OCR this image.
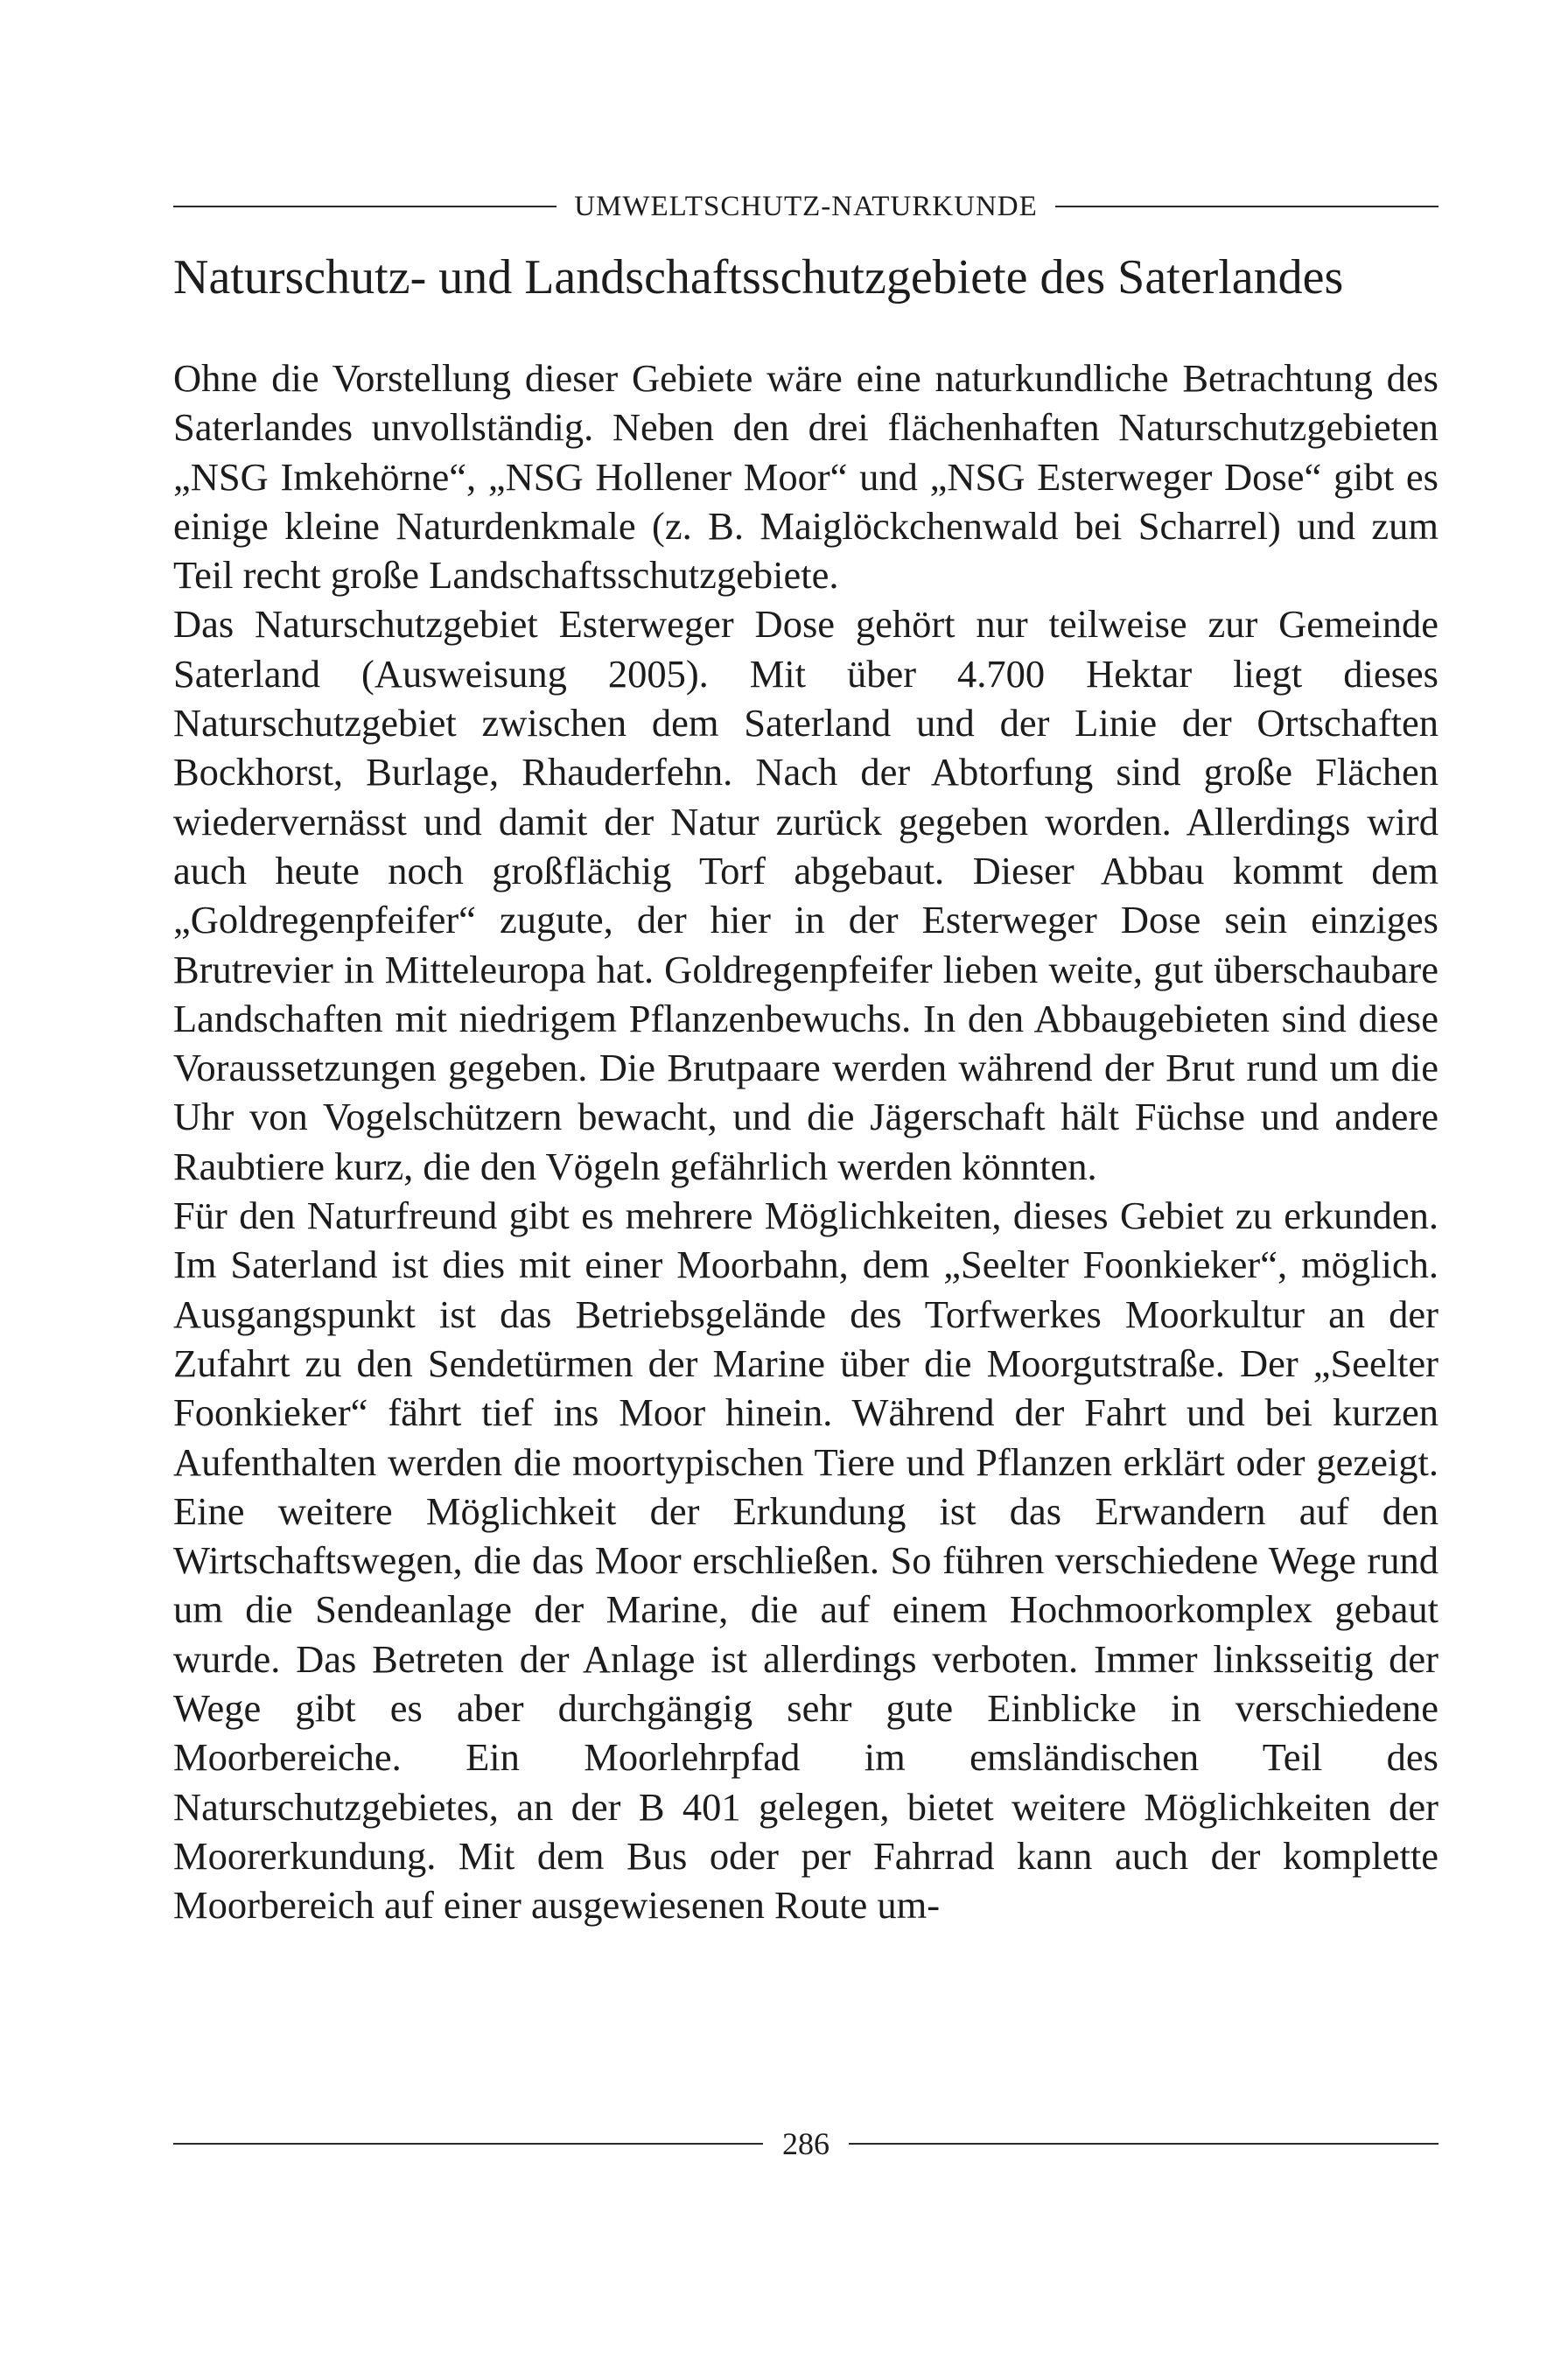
UMWELTSCHUTZ-NATURKUNDE
Naturschutz- und Landschaftsschutzgebiete des Saterlandes

Ohne die Vorstellung dieser Gebiete wäre eine naturkundliche Betrachtung des Saterlandes unvollständig. Neben den drei flächenhaften Naturschutzgebieten „NSG Imkehörne“, „NSG Hollener Moor“ und „NSG Esterweger Dose“ gibt es einige kleine Naturdenkmale (z. B. Maiglöckchenwald bei Scharrel) und zum Teil recht große Landschaftsschutzgebiete.

Das Naturschutzgebiet Esterweger Dose gehört nur teilweise zur Gemeinde Saterland (Ausweisung 2005). Mit über 4.700 Hektar liegt dieses Naturschutzgebiet zwischen dem Saterland und der Linie der Ortschaften Bockhorst, Burlage, Rhauderfehn. Nach der Abtorfung sind große Flächen wiedervernässt und damit der Natur zurück gegeben worden. Allerdings wird auch heute noch großflächig Torf abgebaut. Dieser Abbau kommt dem „Goldregenpfeifer“ zugute, der hier in der Esterweger Dose sein einziges Brutrevier in Mitteleuropa hat. Goldregenpfeifer lieben weite, gut überschaubare Landschaften mit niedrigem Pflanzenbewuchs. In den Abbaugebieten sind diese Voraussetzungen gegeben. Die Brutpaare werden während der Brut rund um die Uhr von Vogelschützern bewacht, und die Jägerschaft hält Füchse und andere Raubtiere kurz, die den Vögeln gefährlich werden könnten.

Für den Naturfreund gibt es mehrere Möglichkeiten, dieses Gebiet zu erkunden. Im Saterland ist dies mit einer Moorbahn, dem „Seelter Foonkieker“, möglich. Ausgangspunkt ist das Betriebsgelände des Torfwerkes Moorkultur an der Zufahrt zu den Sendetürmen der Marine über die Moorgutstraße. Der „Seelter Foonkieker“ fährt tief ins Moor hinein. Während der Fahrt und bei kurzen Aufenthalten werden die moortypischen Tiere und Pflanzen erklärt oder gezeigt. Eine weitere Möglichkeit der Erkundung ist das Erwandern auf den Wirtschaftswegen, die das Moor erschließen. So führen verschiedene Wege rund um die Sendeanlage der Marine, die auf einem Hochmoorkomplex gebaut wurde. Das Betreten der Anlage ist allerdings verboten. Immer linksseitig der Wege gibt es aber durchgängig sehr gute Einblicke in verschiedene Moorbereiche. Ein Moorlehrpfad im emsländischen Teil des Naturschutzgebietes, an der B 401 gelegen, bietet weitere Möglichkeiten der Moorerkundung. Mit dem Bus oder per Fahrrad kann auch der komplette Moorbereich auf einer ausgewiesenen Route um-

286
